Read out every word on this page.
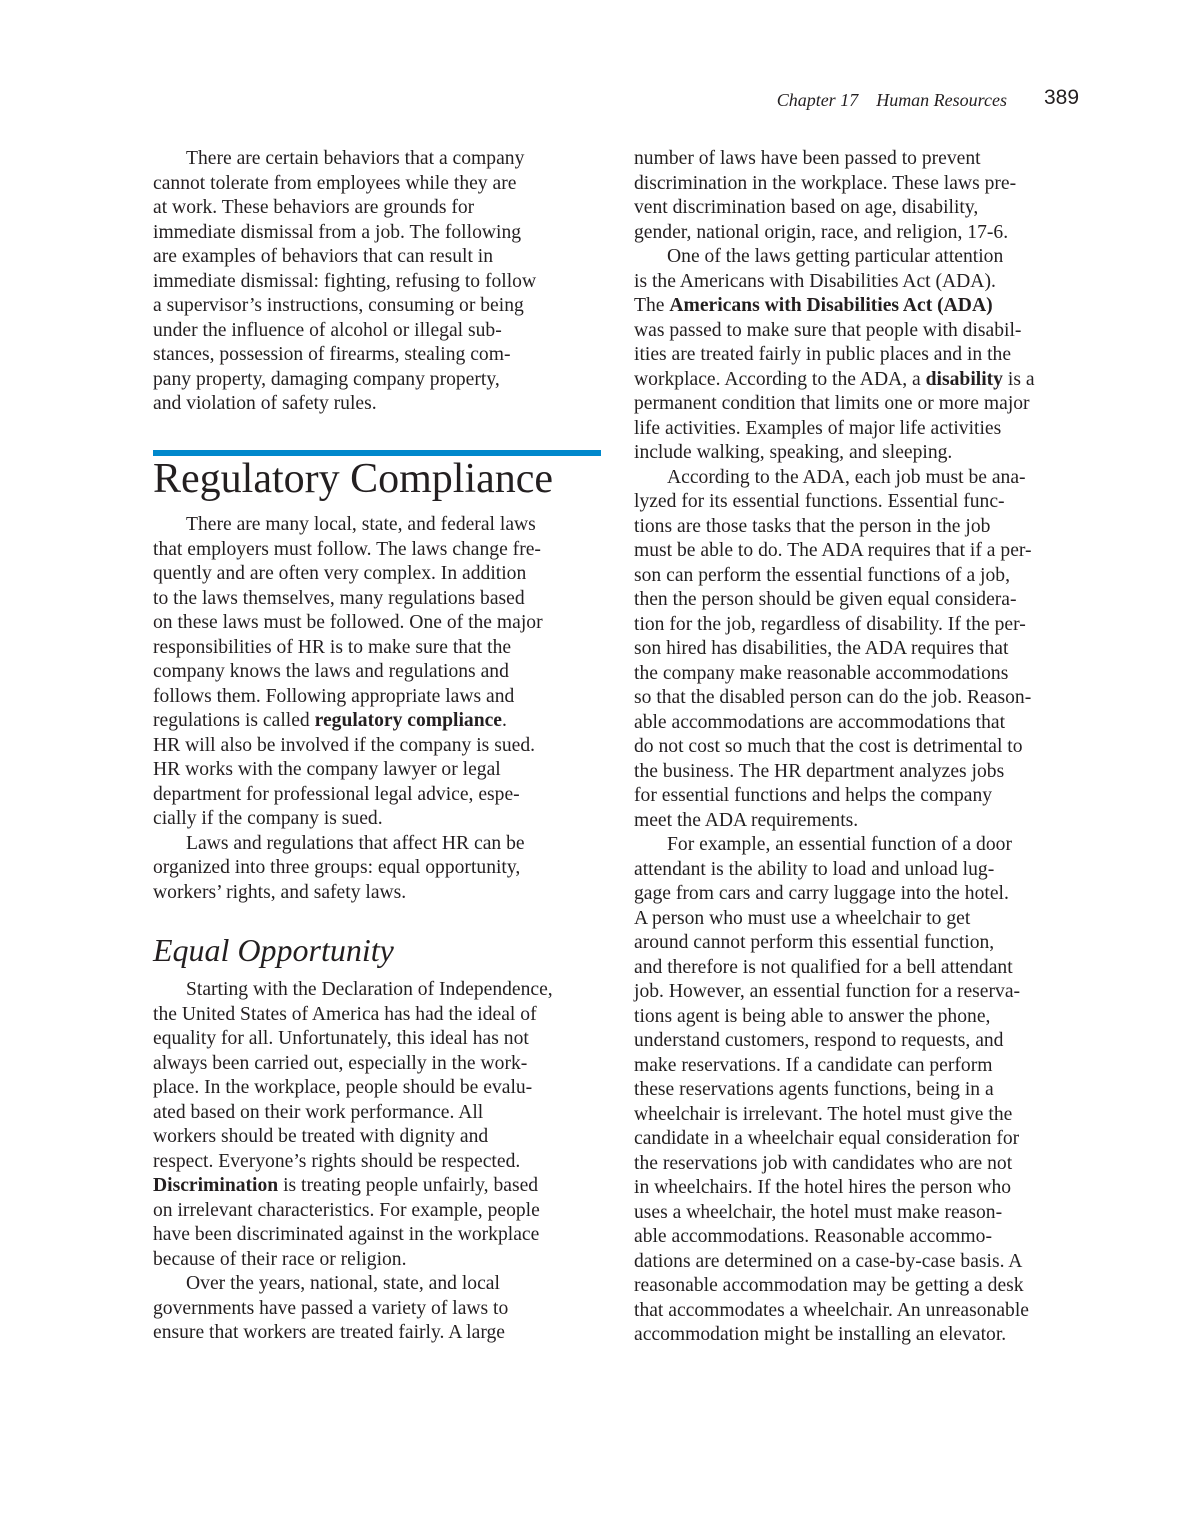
Chapter 17    Human Resources 389
There are certain behaviors that a company
cannot tolerate from employees while they are
at work. These behaviors are grounds for
immediate dismissal from a job. The following
are examples of behaviors that can result in
immediate dismissal: fighting, refusing to follow
a supervisor’s instructions, consuming or being
under the influence of alcohol or illegal sub-
stances, possession of firearms, stealing com-
pany property, damaging company property,
and violation of safety rules.
Regulatory Compliance
There are many local, state, and federal laws
that employers must follow. The laws change fre-
quently and are often very complex. In addition
to the laws themselves, many regulations based
on these laws must be followed. One of the major
responsibilities of HR is to make sure that the
company knows the laws and regulations and
follows them. Following appropriate laws and
regulations is called regulatory compliance.
HR will also be involved if the company is sued.
HR works with the company lawyer or legal
department for professional legal advice, espe-
cially if the company is sued.
Laws and regulations that affect HR can be
organized into three groups: equal opportunity,
workers’ rights, and safety laws.
Equal Opportunity
Starting with the Declaration of Independence,
the United States of America has had the ideal of
equality for all. Unfortunately, this ideal has not
always been carried out, especially in the work-
place. In the workplace, people should be evalu-
ated based on their work performance. All
workers should be treated with dignity and
respect. Everyone’s rights should be respected.
Discrimination is treating people unfairly, based
on irrelevant characteristics. For example, people
have been discriminated against in the workplace
because of their race or religion.
Over the years, national, state, and local
governments have passed a variety of laws to
ensure that workers are treated fairly. A large
number of laws have been passed to prevent
discrimination in the workplace. These laws pre-
vent discrimination based on age, disability,
gender, national origin, race, and religion, 17-6.
One of the laws getting particular attention
is the Americans with Disabilities Act (ADA).
The Americans with Disabilities Act (ADA)
was passed to make sure that people with disabil-
ities are treated fairly in public places and in the
workplace. According to the ADA, a disability is a
permanent condition that limits one or more major
life activities. Examples of major life activities
include walking, speaking, and sleeping.
According to the ADA, each job must be ana-
lyzed for its essential functions. Essential func-
tions are those tasks that the person in the job
must be able to do. The ADA requires that if a per-
son can perform the essential functions of a job,
then the person should be given equal considera-
tion for the job, regardless of disability. If the per-
son hired has disabilities, the ADA requires that
the company make reasonable accommodations
so that the disabled person can do the job. Reason-
able accommodations are accommodations that
do not cost so much that the cost is detrimental to
the business. The HR department analyzes jobs
for essential functions and helps the company
meet the ADA requirements.
For example, an essential function of a door
attendant is the ability to load and unload lug-
gage from cars and carry luggage into the hotel.
A person who must use a wheelchair to get
around cannot perform this essential function,
and therefore is not qualified for a bell attendant
job. However, an essential function for a reserva-
tions agent is being able to answer the phone,
understand customers, respond to requests, and
make reservations. If a candidate can perform
these reservations agents functions, being in a
wheelchair is irrelevant. The hotel must give the
candidate in a wheelchair equal consideration for
the reservations job with candidates who are not
in wheelchairs. If the hotel hires the person who
uses a wheelchair, the hotel must make reason-
able accommodations. Reasonable accommo-
dations are determined on a case-by-case basis. A
reasonable accommodation may be getting a desk
that accommodates a wheelchair. An unreasonable
accommodation might be installing an elevator.
